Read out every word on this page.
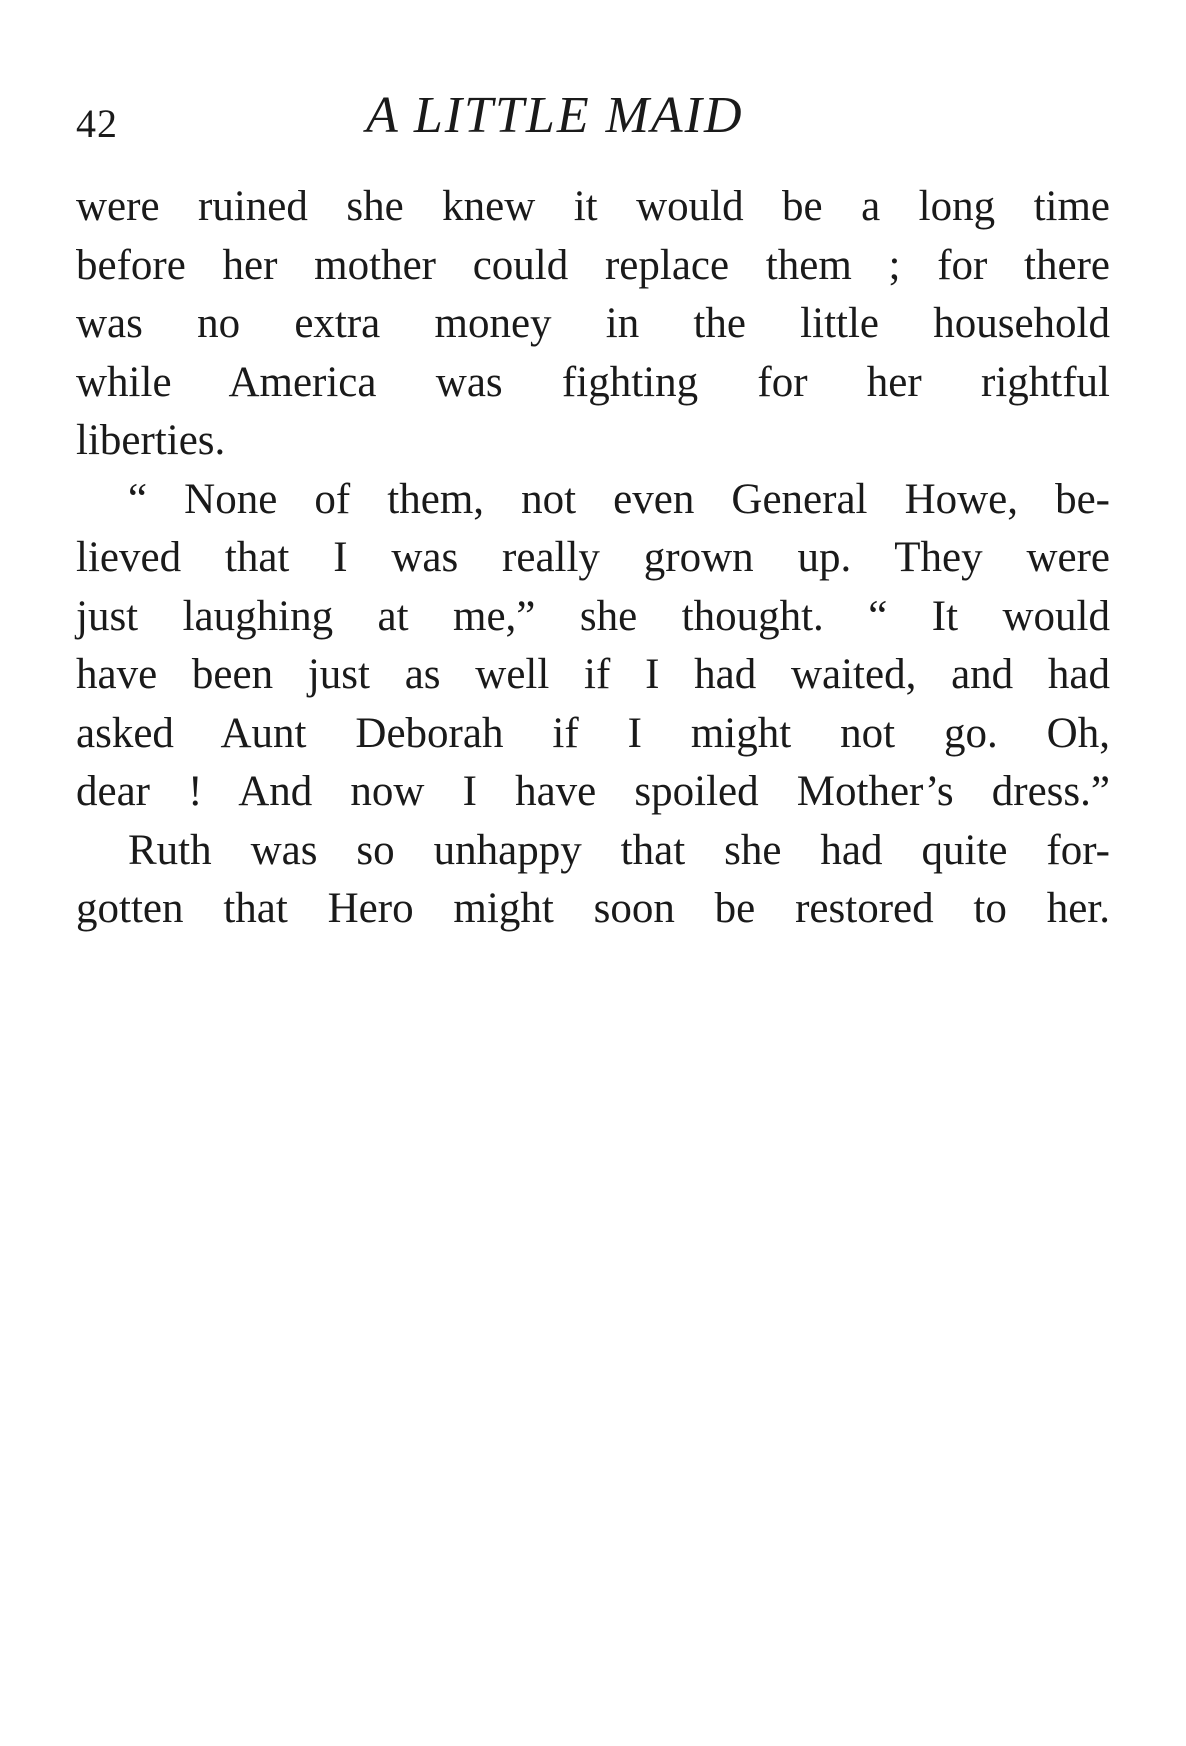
42	A LITTLE MAID

were ruined she knew it would be a long time
before her mother could replace them ; for there
was no extra money in the little household
while America was fighting for her rightful
liberties.

“ None of them, not even General Howe, be-
lieved that I was really grown up. They were
just laughing at me,” she thought. “ It would
have been just as well if I had waited, and had
asked Aunt Deborah if I might not go. Oh,
dear ! And now I have spoiled Mother’s dress.”

Ruth was so unhappy that she had quite for-
gotten that Hero might soon be restored to her.
